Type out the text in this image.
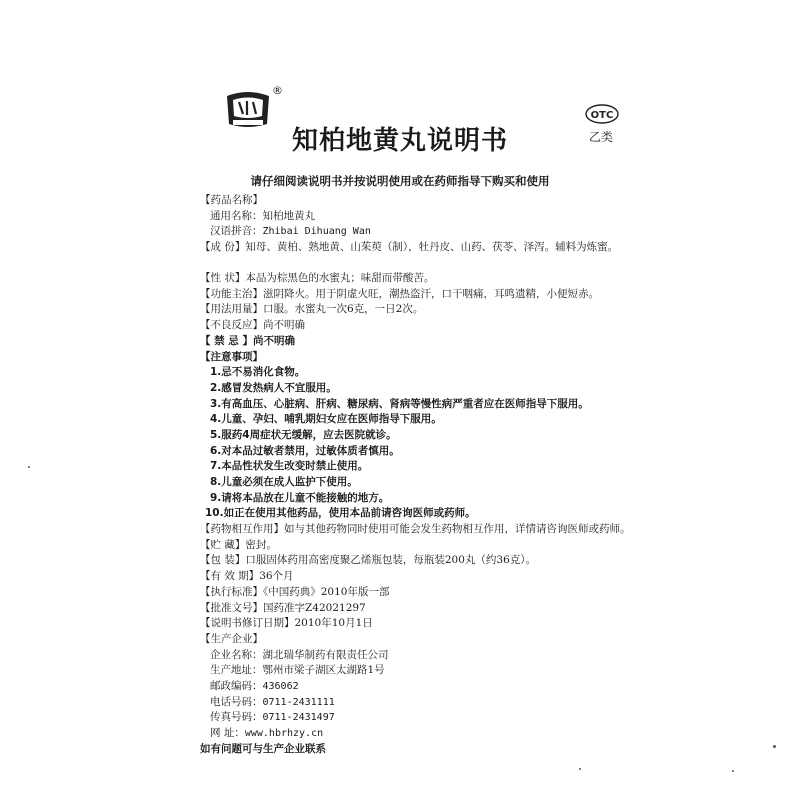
®
知柏地黄丸说明书
OTC
乙类
请仔细阅读说明书并按说明使用或在药师指导下购买和使用
【药品名称】
通用名称：知柏地黄丸
汉语拼音：Zhibai Dihuang Wan
【成 份】知母、黄柏、熟地黄、山茱萸（制），牡丹皮、山药、茯苓、泽泻。辅料为炼蜜。
【性 状】本品为棕黑色的水蜜丸；味甜而带酸苦。
【功能主治】滋阴降火。用于阴虚火旺，潮热盗汗，口干咽痛，耳鸣遗精，小便短赤。
【用法用量】口服。水蜜丸一次6克，一日2次。
【不良反应】尚不明确
【 禁 忌 】尚不明确
【注意事项】
1.忌不易消化食物。
2.感冒发热病人不宜服用。
3.有高血压、心脏病、肝病、糖尿病、肾病等慢性病严重者应在医师指导下服用。
4.儿童、孕妇、哺乳期妇女应在医师指导下服用。
5.服药4周症状无缓解，应去医院就诊。
6.对本品过敏者禁用，过敏体质者慎用。
7.本品性状发生改变时禁止使用。
8.儿童必须在成人监护下使用。
9.请将本品放在儿童不能接触的地方。
10.如正在使用其他药品，使用本品前请咨询医师或药师。
【药物相互作用】如与其他药物同时使用可能会发生药物相互作用，详情请咨询医师或药师。
【贮 藏】密封。
【包 装】口服固体药用高密度聚乙烯瓶包装，每瓶装200丸（约36克）。
【有 效 期】36个月
【执行标准】《中国药典》2010年版一部
【批准文号】国药准字Z42021297
【说明书修订日期】2010年10月1日
【生产企业】
企业名称：湖北瑞华制药有限责任公司
生产地址：鄂州市梁子湖区太湖路1号
邮政编码：436062
电话号码：0711-2431111
传真号码：0711-2431497
网 址：www.hbrhzy.cn
如有问题可与生产企业联系
